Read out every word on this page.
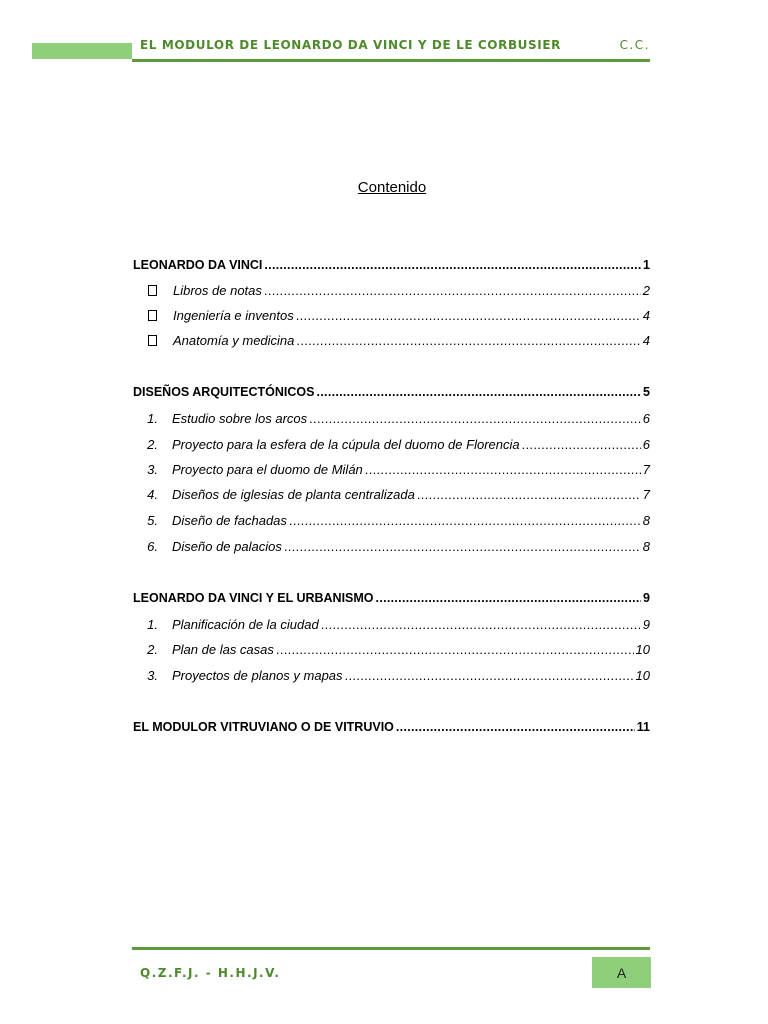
EL MODULOR DE LEONARDO DA VINCI Y DE LE CORBUSIER	C.C.
Contenido
LEONARDO DA VINCI .....	1
Libros de notas .....	2
Ingeniería e inventos .....	4
Anatomía y medicina .....	4
DISEÑOS ARQUITECTÓNICOS .....	5
1.	Estudio sobre los arcos .....	6
2.	Proyecto para la esfera de la cúpula del duomo de Florencia .....	6
3.	Proyecto para el duomo de Milán .....	7
4.	Diseños de iglesias de planta centralizada .....	7
5.	Diseño de fachadas .....	8
6.	Diseño de palacios .....	8
LEONARDO DA VINCI Y EL URBANISMO .....	9
1.	Planificación de la ciudad .....	9
2.	Plan de las casas .....	10
3.	Proyectos de planos y mapas .....	10
EL MODULOR VITRUVIANO O DE VITRUVIO .....	11
Q.Z.F.J. - H.H.J.V.	A
